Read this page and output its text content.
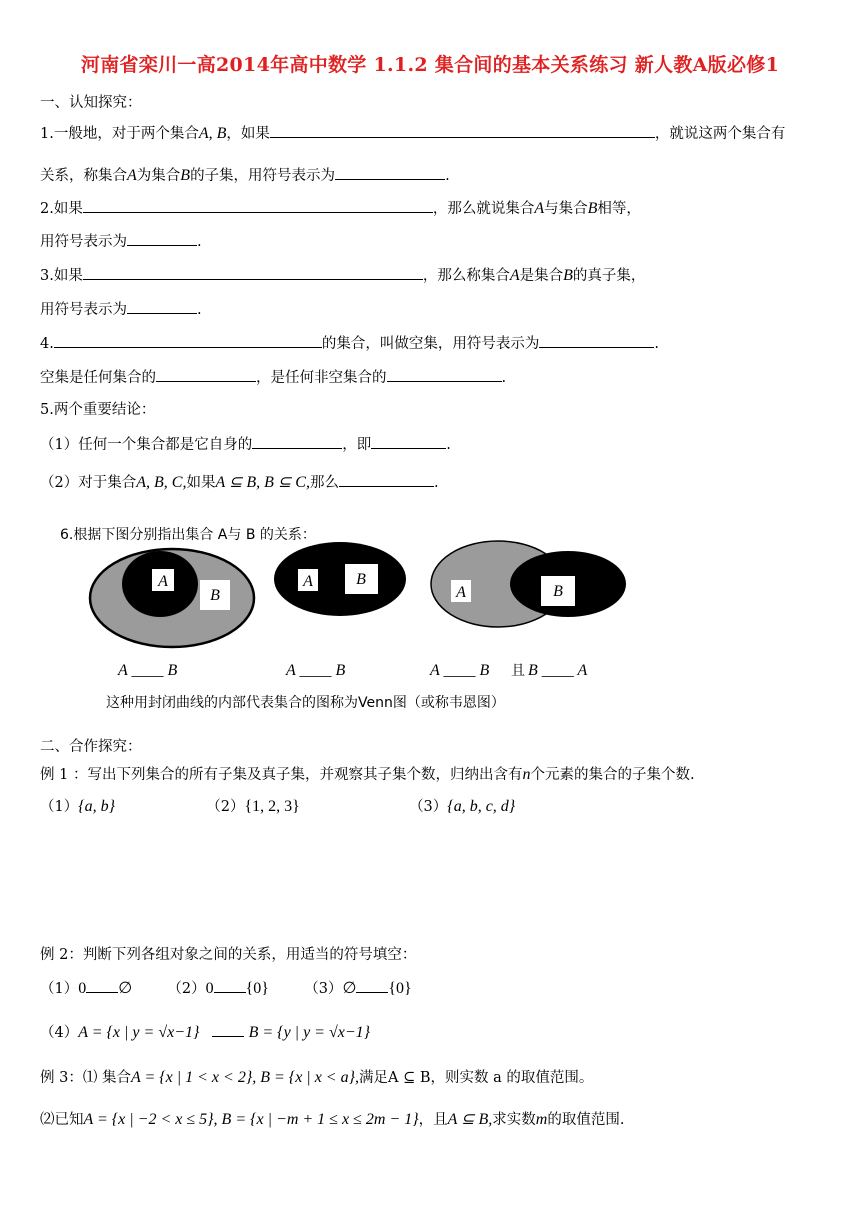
河南省栾川一高2014年高中数学 1.1.2 集合间的基本关系练习 新人教A版必修1
一、认知探究：
1.一般地，对于两个集合A, B，如果	，就说这两个集合有
关系，称集合A为集合B的子集，用符号表示为	.
2.如果	，那么就说集合A与集合B相等，
用符号表示为	.
3.如果	，那么称集合A是集合B的真子集，
用符号表示为	.
4.	的集合，叫做空集，用符号表示为	.
空集是任何集合的	，是任何非空集合的	.
5.两个重要结论：
（1）任何一个集合都是它自身的	，即	.
（2）对于集合A, B, C,如果A ⊆ B, B ⊆ C,那么	.
6.根据下图分别指出集合 A与 B 的关系：
A
B
A	B
A	B
A ____ B	A ____ B	A ____ B 且 B ____ A
这种用封闭曲线的内部代表集合的图称为Venn图（或称韦恩图）
二、合作探究：
例 1 ：写出下列集合的所有子集及真子集，并观察其子集个数，归纳出含有n个元素的集合的子集个数.
（1）{a, b}	（2）{1, 2, 3}	（3）{a, b, c, d}
例 2：判断下列各组对象之间的关系，用适当的符号填空：
（1）0 ∅ （2）0 {0} （3）∅ {0}
（4）A = {x | y = √x−1}	B = {y | y = √x−1}
例 3：⑴ 集合A = {x | 1 < x < 2}, B = {x | x < a},满足A ⊆ B，则实数 a 的取值范围。
⑵已知A = {x | −2 < x ≤ 5}, B = {x | −m + 1 ≤ x ≤ 2m − 1}，且A ⊆ B,求实数m的取值范围.
